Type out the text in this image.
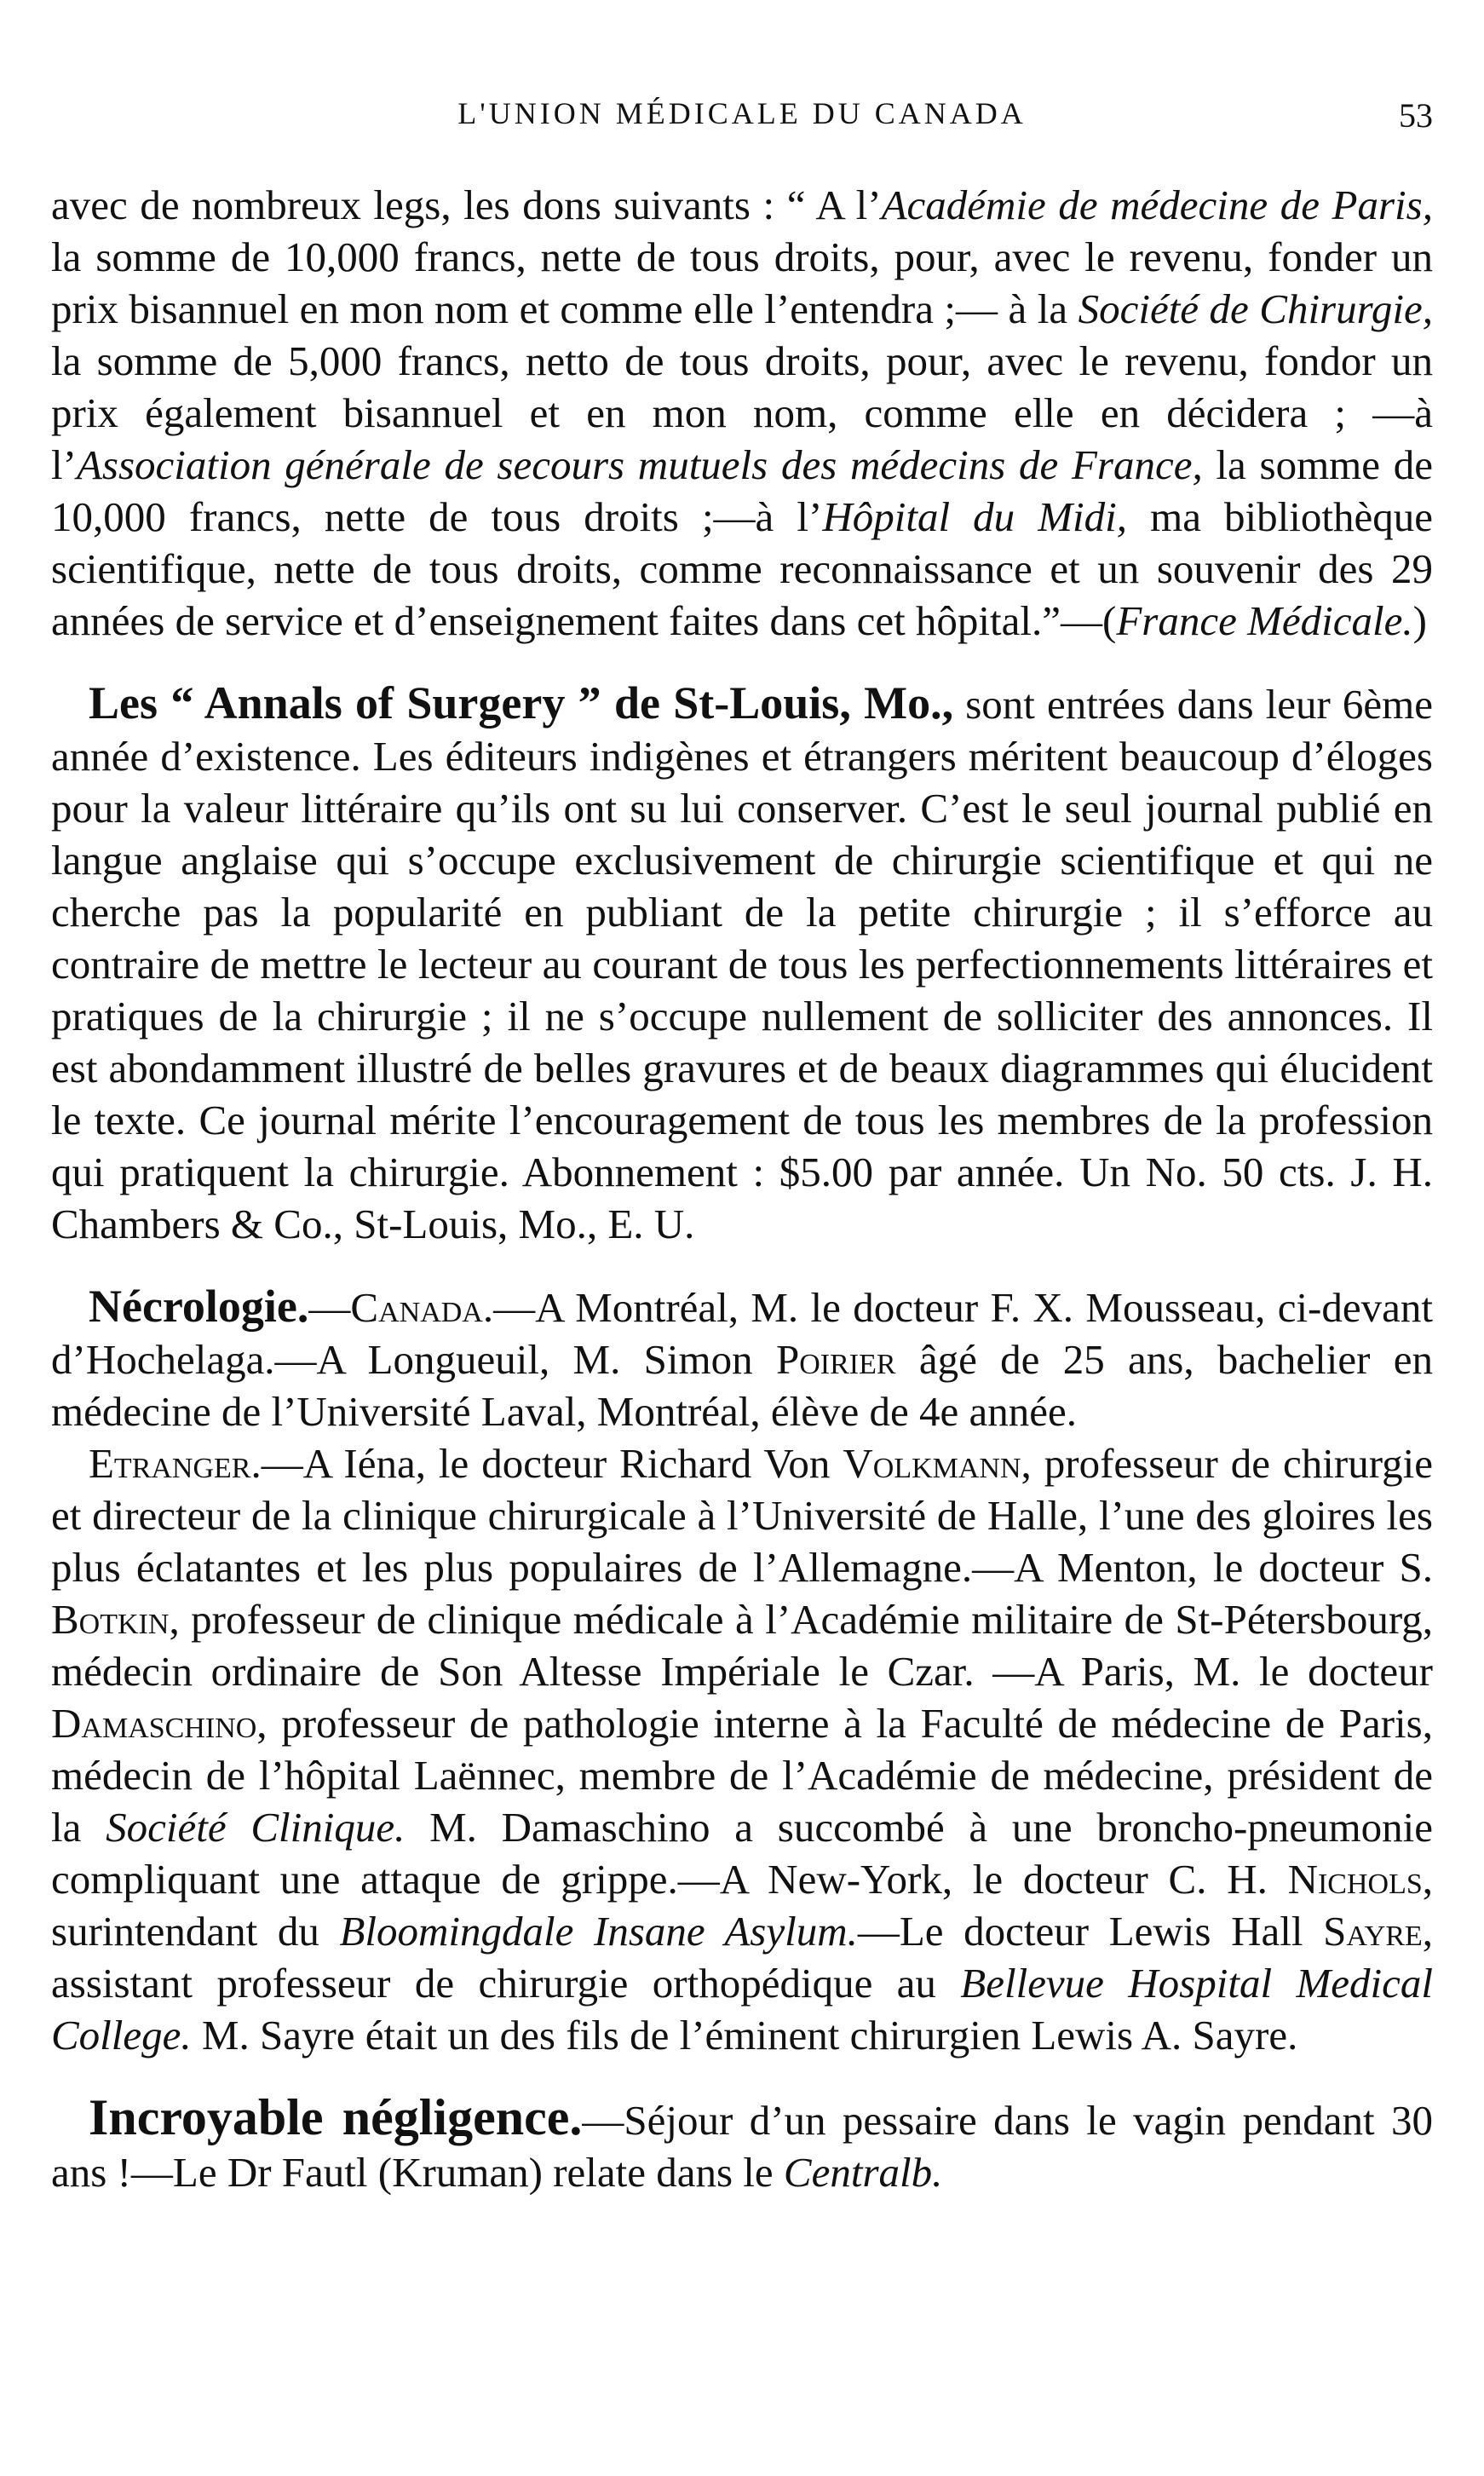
L'UNION MÉDICALE DU CANADA	53

avec de nombreux legs, les dons suivants : “ A l’Académie de médecine de Paris, la somme de 10,000 francs, nette de tous droits, pour, avec le revenu, fonder un prix bisannuel en mon nom et comme elle l’entendra ;— à la Société de Chirurgie, la somme de 5,000 francs, netto de tous droits, pour, avec le revenu, fondor un prix également bisannuel et en mon nom, comme elle en décidera ; —à l’Association générale de secours mutuels des médecins de France, la somme de 10,000 francs, nette de tous droits ;—à l’Hôpital du Midi, ma bibliothèque scientifique, nette de tous droits, comme reconnaissance et un souvenir des 29 années de service et d’enseignement faites dans cet hôpital.”—(France Médicale.)

Les “ Annals of Surgery ” de St-Louis, Mo., sont entrées dans leur 6ème année d’existence. Les éditeurs indigènes et étrangers méritent beaucoup d’éloges pour la valeur littéraire qu’ils ont su lui conserver. C’est le seul journal publié en langue anglaise qui s’occupe exclusivement de chirurgie scientifique et qui ne cherche pas la popularité en publiant de la petite chirurgie ; il s’efforce au contraire de mettre le lecteur au courant de tous les perfectionnements littéraires et pratiques de la chirurgie ; il ne s’occupe nullement de solliciter des annonces. Il est abondamment illustré de belles gravures et de beaux diagrammes qui élucident le texte. Ce journal mérite l’encouragement de tous les membres de la profession qui pratiquent la chirurgie. Abonnement : $5.00 par année. Un No. 50 cts. J. H. Chambers & Co., St-Louis, Mo., E. U.

Nécrologie.—Canada.—A Montréal, M. le docteur F. X. Mousseau, ci-devant d’Hochelaga.—A Longueuil, M. Simon Poirier âgé de 25 ans, bachelier en médecine de l’Université Laval, Montréal, élève de 4e année.

Etranger.—A Iéna, le docteur Richard Von Volkmann, professeur de chirurgie et directeur de la clinique chirurgicale à l’Université de Halle, l’une des gloires les plus éclatantes et les plus populaires de l’Allemagne.—A Menton, le docteur S. Botkin, professeur de clinique médicale à l’Académie militaire de St-Pétersbourg, médecin ordinaire de Son Altesse Impériale le Czar. —A Paris, M. le docteur Damaschino, professeur de pathologie interne à la Faculté de médecine de Paris, médecin de l’hôpital Laënnec, membre de l’Académie de médecine, président de la Société Clinique. M. Damaschino a succombé à une broncho-pneumonie compliquant une attaque de grippe.—A New-York, le docteur C. H. Nichols, surintendant du Bloomingdale Insane Asylum.—Le docteur Lewis Hall Sayre, assistant professeur de chirurgie orthopédique au Bellevue Hospital Medical College. M. Sayre était un des fils de l’éminent chirurgien Lewis A. Sayre.

Incroyable négligence.—Séjour d’un pessaire dans le vagin pendant 30 ans !—Le Dr Fautl (Kruman) relate dans le Centralb.
